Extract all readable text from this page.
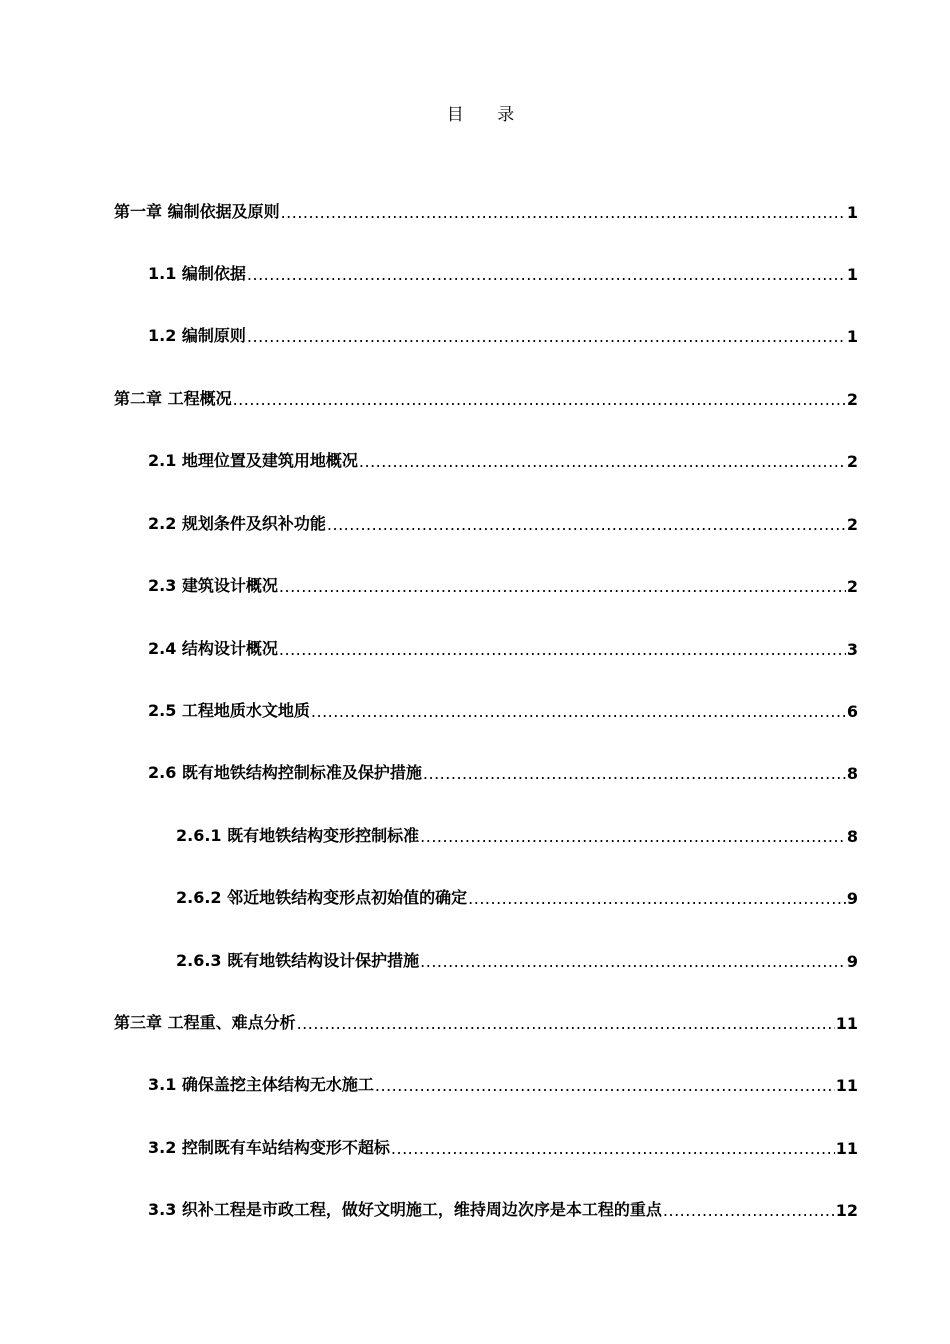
目 录
第一章 编制依据及原则 .....	1
1.1 编制依据 .....	1
1.2 编制原则 .....	1
第二章 工程概况 .....	2
2.1 地理位置及建筑用地概况 .....	2
2.2 规划条件及织补功能 .....	2
2.3 建筑设计概况 .....	2
2.4 结构设计概况 .....	3
2.5 工程地质水文地质 .....	6
2.6 既有地铁结构控制标准及保护措施 .....	8
2.6.1 既有地铁结构变形控制标准 .....	8
2.6.2 邻近地铁结构变形点初始值的确定 .....	9
2.6.3 既有地铁结构设计保护措施 .....	9
第三章 工程重、难点分析 .....	11
3.1 确保盖挖主体结构无水施工 .....	11
3.2 控制既有车站结构变形不超标 .....	11
3.3 织补工程是市政工程，做好文明施工，维持周边次序是本工程的重点 .....	12
